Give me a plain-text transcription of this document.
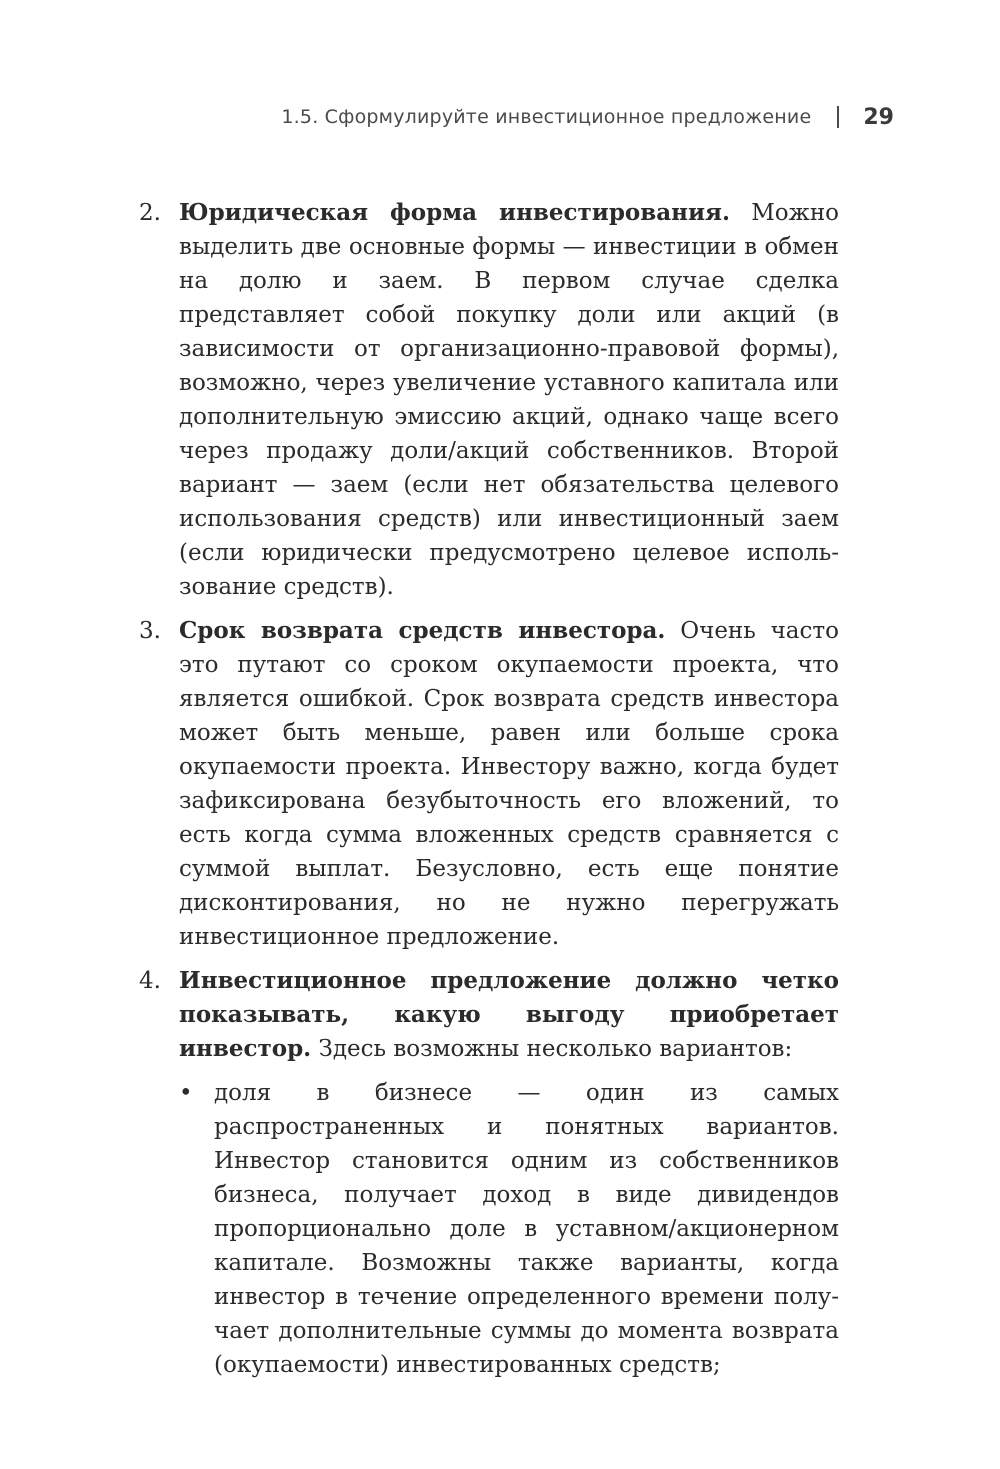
1.5. Сформулируйте инвестиционное предложение 29
2. Юридическая форма инвестирования. Можно выделить две основные формы — инвестиции в обмен на долю и заем. В первом случае сделка представляет собой покупку доли или акций (в зависимости от организационно-правовой формы), возможно, через увеличение уставного капитала или дополнительную эмиссию акций, однако чаще всего через продажу доли/акций собственников. Второй вариант — заем (если нет обязательства целевого использования средств) или инвестиционный заем (если юридически предусмотрено целевое использование средств).

3. Срок возврата средств инвестора. Очень часто это путают со сроком окупаемости проекта, что является ошибкой. Срок возврата средств инвестора может быть меньше, равен или больше срока окупаемости проекта. Инвестору важно, когда будет зафиксирована безубыточность его вложений, то есть когда сумма вложенных средств сравняется с суммой выплат. Безусловно, есть еще понятие дисконтирования, но не нужно перегружать инвестиционное предложение.

4. Инвестиционное предложение должно четко показывать, какую выгоду приобретает инвестор. Здесь возможны несколько вариантов:

• доля в бизнесе — один из самых распространенных и понятных вариантов. Инвестор становится одним из собственников бизнеса, получает доход в виде дивидендов пропорционально доле в уставном/акционерном капитале. Возможны также варианты, когда инвестор в течение определенного времени получает дополнительные суммы до момента возврата (окупаемости) инвестированных средств;
